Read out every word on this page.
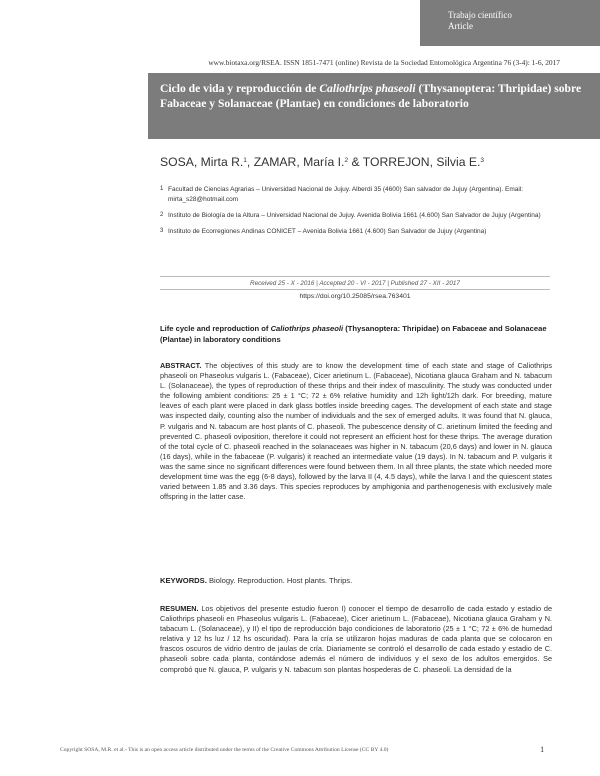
Trabajo científico
Article
www.biotaxa.org/RSEA. ISSN 1851-7471 (online) Revista de la Sociedad Entomológica Argentina 76 (3-4): 1-6, 2017
Ciclo de vida y reproducción de Caliothrips phaseoli (Thysanoptera: Thripidae) sobre Fabaceae y Solanaceae (Plantae) en condiciones de laboratorio
SOSA, Mirta R.$^1$, ZAMAR, María I.$^2$ & TORREJON, Silvia E.$^3$
1 Facultad de Ciencias Agrarias – Universidad Nacional de Jujuy. Alberdi 35 (4600) San salvador de Jujuy (Argentina). Email: mirta_s28@hotmail.com
2 Instituto de Biología de la Altura – Universidad Nacional de Jujuy. Avenida Bolivia 1661 (4.600) San Salvador de Jujuy (Argentina)
3 Instituto de Ecorregiones Andinas CONICET – Avenida Bolivia 1661 (4.600) San Salvador de Jujuy (Argentina)
Received 25 - X - 2016 | Accepted 20 - VI - 2017 | Published 27 - XII - 2017
https://doi.org/10.25085/rsea.763401
Life cycle and reproduction of Caliothrips phaseoli (Thysanoptera: Thripidae) on Fabaceae and Solanaceae (Plantae) in laboratory conditions
ABSTRACT. The objectives of this study are to know the development time of each state and stage of Caliothrips phaseoli on Phaseolus vulgaris L. (Fabaceae), Cicer arietinum L. (Fabaceae), Nicotiana glauca Graham and N. tabacum L. (Solanaceae), the types of reproduction of these thrips and their index of masculinity. The study was conducted under the following ambient conditions: 25 ± 1 °C; 72 ± 6% relative humidity and 12h light/12h dark. For breeding, mature leaves of each plant were placed in dark glass bottles inside breeding cages. The development of each state and stage was inspected daily, counting also the number of individuals and the sex of emerged adults. It was found that N. glauca, P. vulgaris and N. tabacum are host plants of C. phaseoli. The pubescence density of C. arietinum limited the feeding and prevented C. phaseoli oviposition, therefore it could not represent an efficient host for these thrips. The average duration of the total cycle of C. phaseoli reached in the solanaceaes was higher in N. tabacum (20,6 days) and lower in N. glauca (16 days), while in the fabaceae (P. vulgaris) it reached an intermediate value (19 days). In N. tabacum and P. vulgaris it was the same since no significant differences were found between them. In all three plants, the state which needed more development time was the egg (6-8 days), followed by the larva II (4, 4.5 days), while the larva I and the quiescent states varied between 1.85 and 3.36 days. This species reproduces by amphigonia and parthenogenesis with exclusively male offspring in the latter case.
KEYWORDS. Biology. Reproduction. Host plants. Thrips.
RESUMEN. Los objetivos del presente estudio fueron I) conocer el tiempo de desarrollo de cada estado y estadio de Caliothrips phaseoli en Phaseolus vulgaris L. (Fabaceae), Cicer arietinum L. (Fabaceae), Nicotiana glauca Graham y N. tabacum L. (Solanaceae), y II) el tipo de reproducción bajo condiciones de laboratorio (25 ± 1 °C; 72 ± 6% de humedad relativa y 12 hs luz / 12 hs oscuridad). Para la cría se utilizaron hojas maduras de cada planta que se colocaron en frascos oscuros de vidrio dentro de jaulas de cría. Diariamente se controló el desarrollo de cada estado y estadio de C. phaseoli sobre cada planta, contándose además el número de individuos y el sexo de los adultos emergidos. Se comprobó que N. glauca, P. vulgaris y N. tabacum son plantas hospederas de C. phaseoli. La densidad de la
Copyright SOSA, M.R. et al.- This is an open access article distributed under the terms of the Creative Commons Attribution License (CC BY 4.0)	1
